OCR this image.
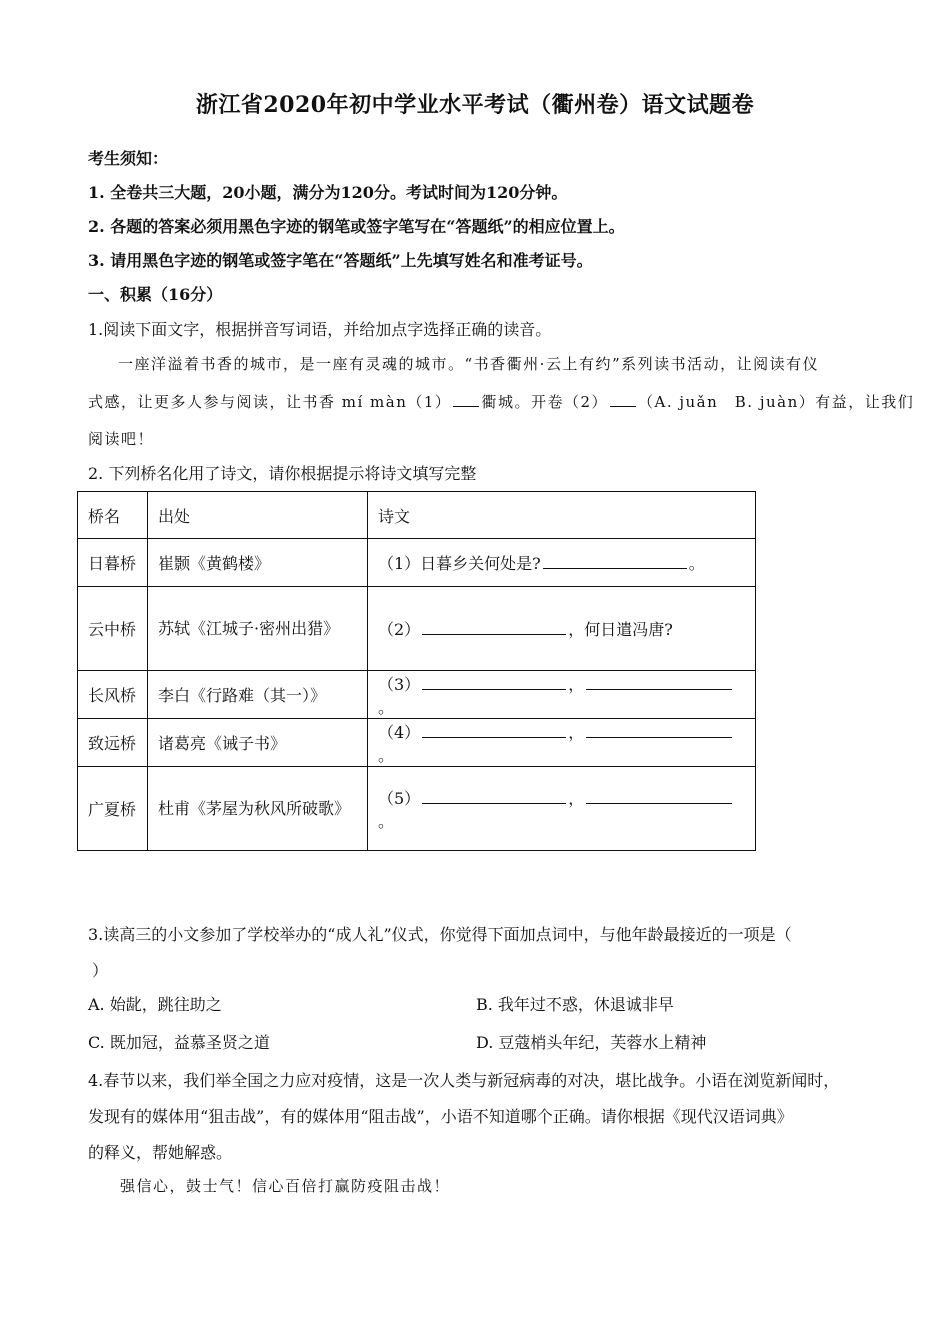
浙江省2020年初中学业水平考试（衢州卷）语文试题卷
考生须知：
1. 全卷共三大题，20小题，满分为120分。考试时间为120分钟。
2. 各题的答案必须用黑色字迹的钢笔或签字笔写在“答题纸”的相应位置上。
3. 请用黑色字迹的钢笔或签字笔在“答题纸”上先填写姓名和准考证号。
一、积累（16分）
1.阅读下面文字，根据拼音写词语，并给加点字选择正确的读音。
一座洋溢着书香的城市，是一座有灵魂的城市。“书香衢州·云上有约”系列读书活动，让阅读有仪
式感，让更多人参与阅读，让书香 mí màn（1） 衢城。开卷（2） （A. juǎn　B. juàn）有益，让我们
阅读吧！
2. 下列桥名化用了诗文，请你根据提示将诗文填写完整
桥名	出处	诗文
日暮桥	崔颢《黄鹤楼》	（1）日暮乡关何处是? 。
云中桥	苏轼《江城子·密州出猎》	（2） ，何日遣冯唐?
长风桥	李白《行路难（其一）》	（3） ，。
致远桥	诸葛亮《诫子书》	（4） ，。
广夏桥	杜甫《茅屋为秋风所破歌》	（5） ，。
3.读高三的小文参加了学校举办的“成人礼”仪式，你觉得下面加点词中，与他年龄最接近的一项是（
）
A. 始龀，跳往助之	B. 我年过不惑，休退诚非早
C. 既加冠，益慕圣贤之道	D. 豆蔻梢头年纪，芙蓉水上精神
4.春节以来，我们举全国之力应对疫情，这是一次人类与新冠病毒的对决，堪比战争。小语在浏览新闻时，
发现有的媒体用“狙击战”，有的媒体用“阻击战”，小语不知道哪个正确。请你根据《现代汉语词典》
的释义，帮她解惑。
强信心，鼓士气！信心百倍打赢防疫阻击战！
